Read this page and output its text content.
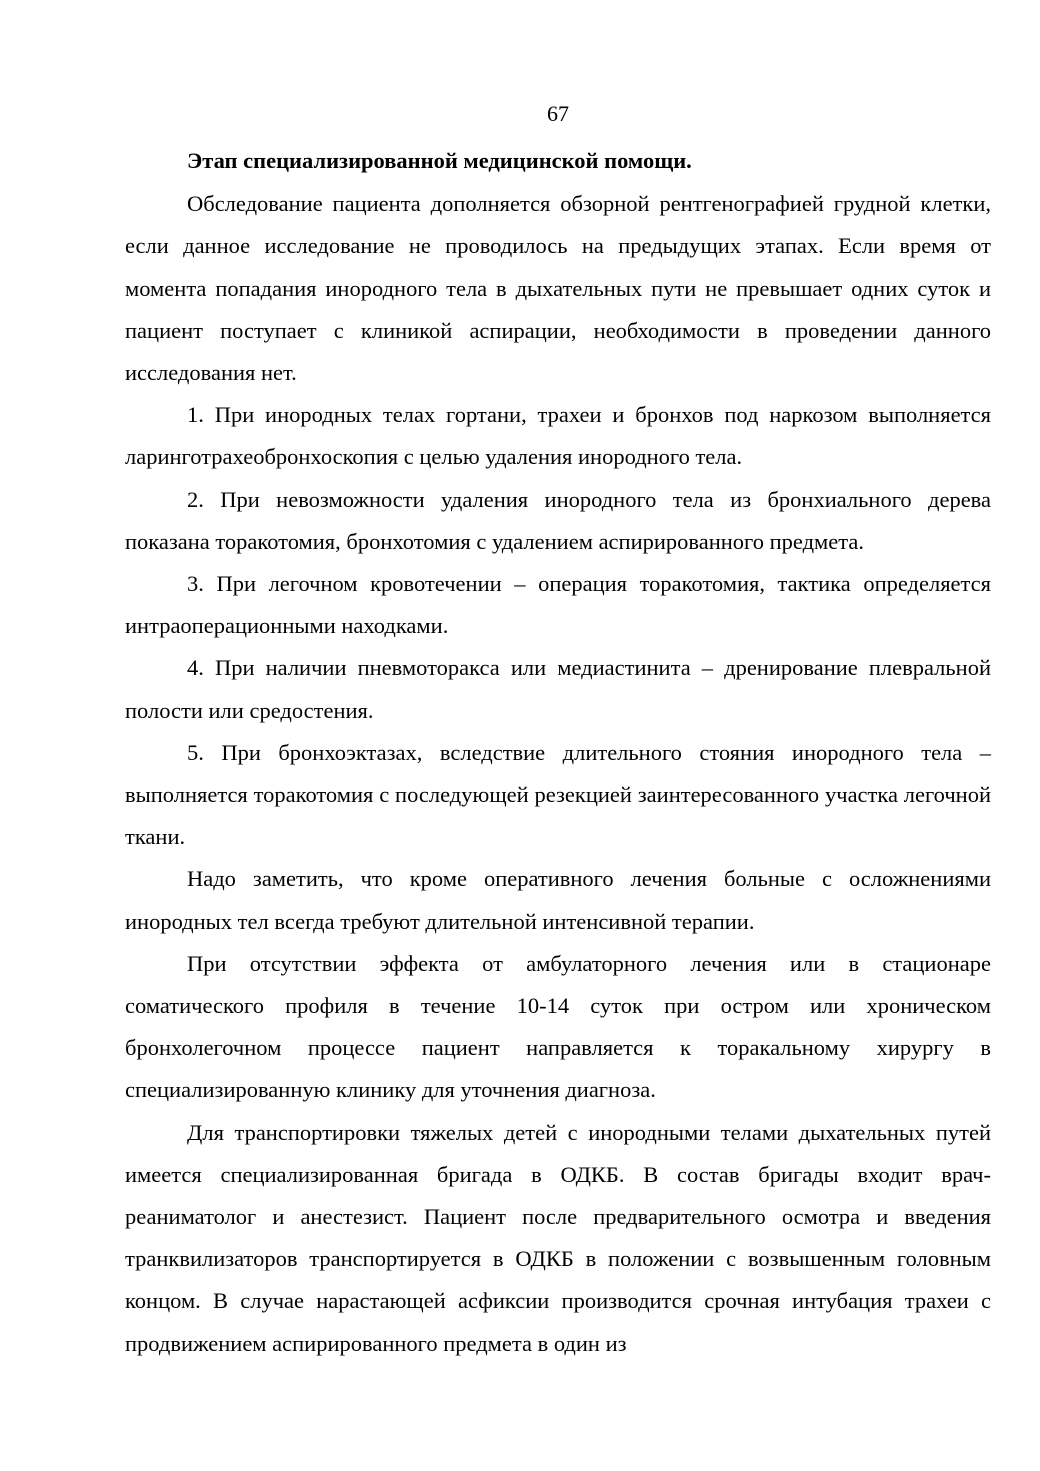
67

Этап специализированной медицинской помощи.

Обследование пациента дополняется обзорной рентгенографией грудной клетки, если данное исследование не проводилось на предыдущих этапах. Если время от момента попадания инородного тела в дыхательных пути не превышает одних суток и пациент поступает с клиникой аспирации, необходимости в проведении данного исследования нет.

1. При инородных телах гортани, трахеи и бронхов под наркозом выполняется ларинготрахеобронхоскопия с целью удаления инородного тела.

2. При невозможности удаления инородного тела из бронхиального дерева показана торакотомия, бронхотомия с удалением аспирированного предмета.

3. При легочном кровотечении – операция торакотомия, тактика определяется интраоперационными находками.

4. При наличии пневмоторакса или медиастинита – дренирование плевральной полости или средостения.

5. При бронхоэктазах, вследствие длительного стояния инородного тела – выполняется торакотомия с последующей резекцией заинтересованного участка легочной ткани.

Надо заметить, что кроме оперативного лечения больные с осложнениями инородных тел всегда требуют длительной интенсивной терапии.

При отсутствии эффекта от амбулаторного лечения или в стационаре соматического профиля в течение 10-14 суток при остром или хроническом бронхолегочном процессе пациент направляется к торакальному хирургу в специализированную клинику для уточнения диагноза.

Для транспортировки тяжелых детей с инородными телами дыхательных путей имеется специализированная бригада в ОДКБ. В состав бригады входит врач-реаниматолог и анестезист. Пациент после предварительного осмотра и введения транквилизаторов транспортируется в ОДКБ в положении с возвышенным головным концом. В случае нарастающей асфиксии производится срочная интубация трахеи с продвижением аспирированного предмета в один из
